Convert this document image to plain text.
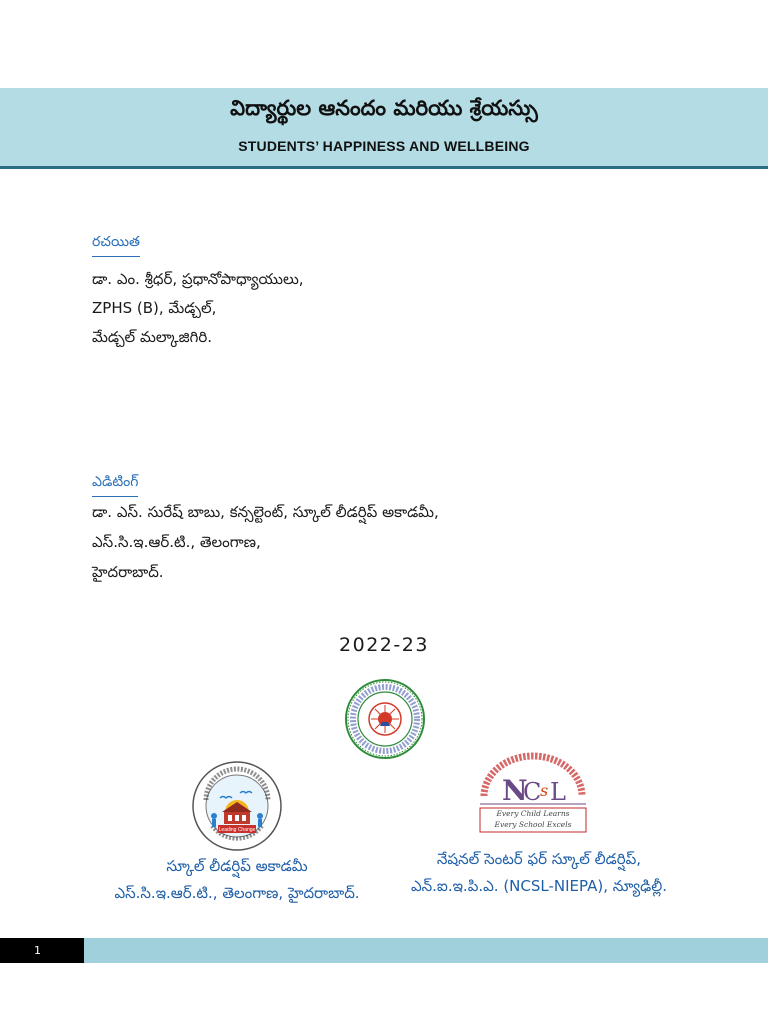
విద్యార్థుల ఆనందం మరియు శ్రేయస్సు
STUDENTS’ HAPPINESS AND WELLBEING
రచయిత
డా. ఎం. శ్రీధర్, ప్రధానోపాధ్యాయులు,
ZPHS (B), మేడ్చల్,
మేడ్చల్ మల్కాజిగిరి.
ఎడిటింగ్
డా. ఎస్. సురేష్ బాబు, కన్సల్టెంట్, స్కూల్ లీడర్షిప్ అకాడమీ,
ఎస్.సి.ఇ.ఆర్.టి., తెలంగాణ,
హైదరాబాద్.
2022-23
Leading Change
N
C
s L
Every Child Learns
Every School Excels
స్కూల్ లీడర్షిప్ అకాడమీ
ఎస్.సి.ఇ.ఆర్.టి., తెలంగాణ, హైదరాబాద్.
నేషనల్ సెంటర్ ఫర్ స్కూల్ లీడర్షిప్,
ఎన్.ఐ.ఇ.పి.ఎ. (NCSL-NIEPA), న్యూఢిల్లీ.
1
